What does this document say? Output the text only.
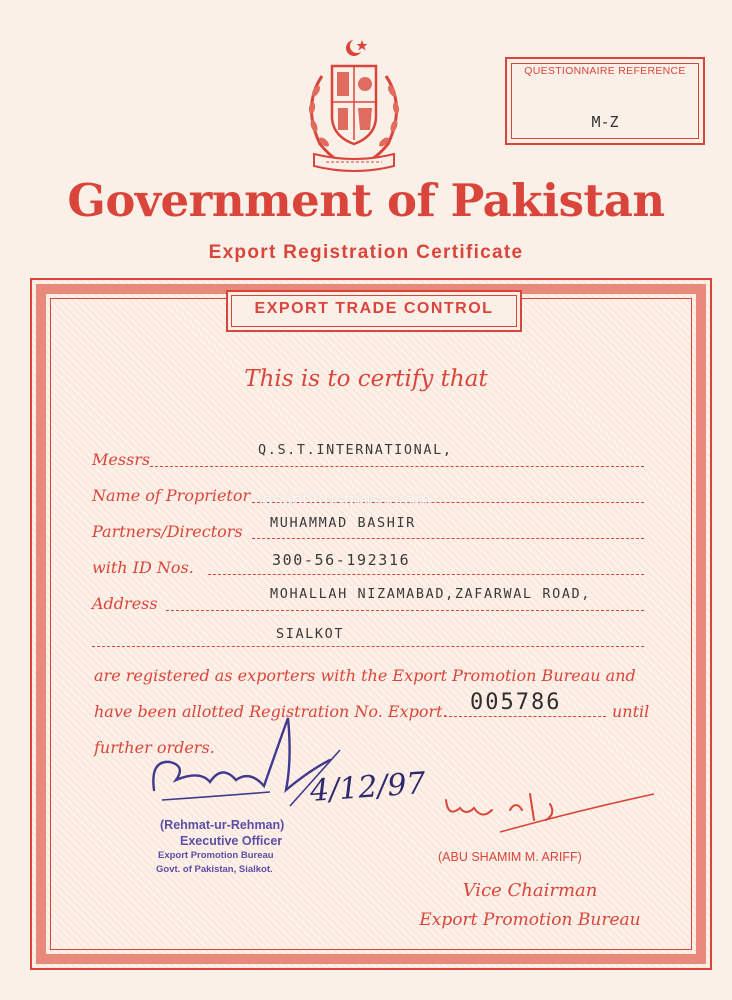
QUESTIONNAIRE REFERENCE
M-Z
Government of Pakistan
Export Registration Certificate
EXPORT TRADE CONTROL
This is to certify that
Messrs	Q.S.T.INTERNATIONAL,
Name of Proprietor
Partners/Directors MUHAMMAD BASHIR
with ID Nos.	300-56-192316
Address	MOHALLAH NIZAMABAD,ZAFARWAL ROAD,
SIALKOT
are registered as exporters with the Export Promotion Bureau and
have been allotted Registration No. Export. 005786	until
further orders.
qstint.trustpass.com
4/12/97
(Rehmat-ur-Rehman)
Executive Officer
Export Promotion Bureau
Govt. of Pakistan, Sialkot.
(ABU SHAMIM M. ARIFF)
Vice Chairman
Export Promotion Bureau
